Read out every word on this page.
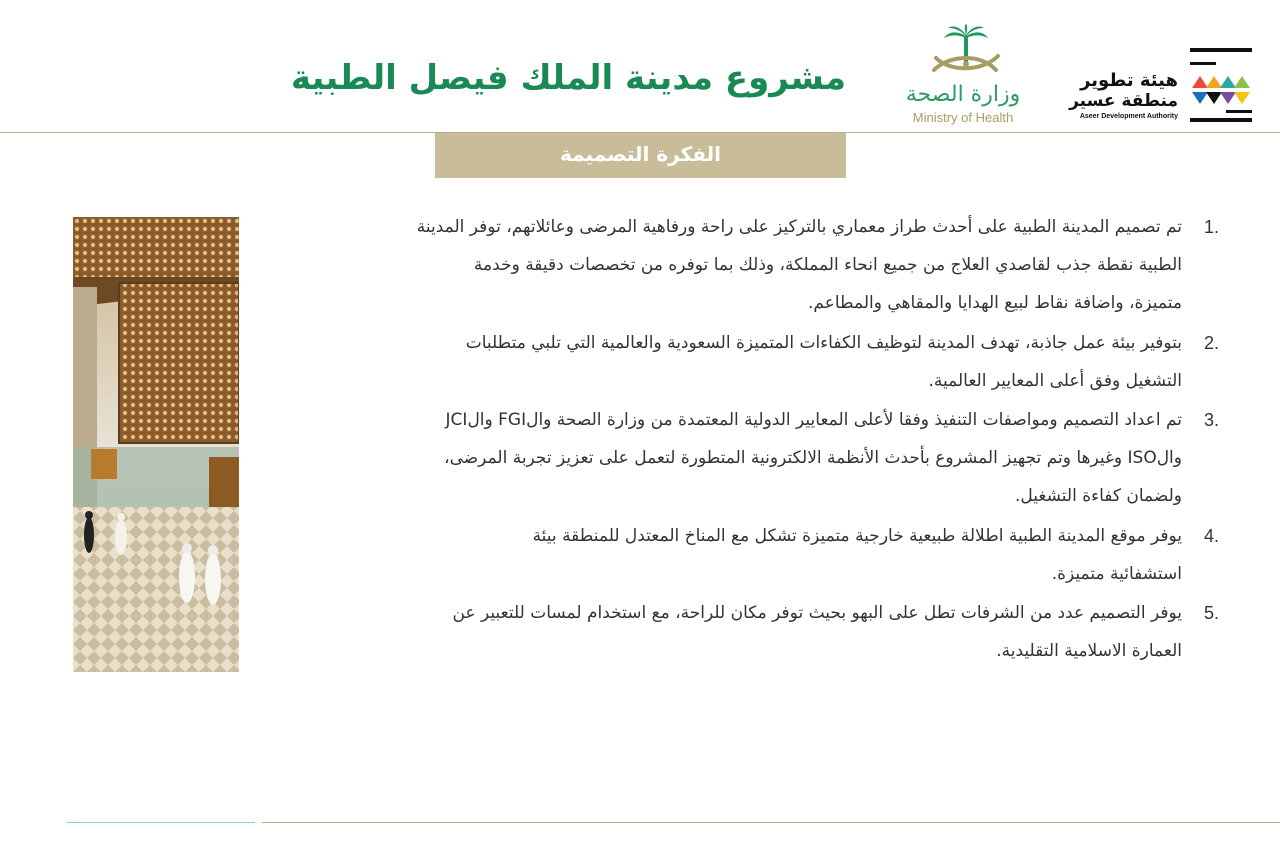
مشروع مدينة الملك فيصل الطبية	وزارة الصحة
Ministry of Health
هيئة تطوير
منطقة عسير
Aseer Development Authority
الفكرة التصميمة
1.
تم تصميم المدينة الطبية على أحدث طراز معماري بالتركيز على راحة ورفاهية المرضى وعائلاتهم، توفر المدينة
الطبية نقطة جذب لقاصدي العلاج من جميع انحاء المملكة، وذلك بما توفره من تخصصات دقيقة وخدمة
متميزة، واضافة نقاط لبيع الهدايا والمقاهي والمطاعم.
2.
بتوفير بيئة عمل جاذبة، تهدف المدينة لتوظيف الكفاءات المتميزة السعودية والعالمية التي تلبي متطلبات
التشغيل وفق أعلى المعايير العالمية.
3.
تم اعداد التصميم ومواصفات التنفيذ وفقا لأعلى المعايير الدولية المعتمدة من وزارة الصحة والFGI والJCI
والISO وغيرها وتم تجهيز المشروع بأحدث الأنظمة الالكترونية المتطورة لتعمل على تعزيز تجربة المرضى،
ولضمان كفاءة التشغيل.
4.
يوفر موقع المدينة الطبية اطلالة طبيعية خارجية متميزة تشكل مع المناخ المعتدل للمنطقة بيئة
استشفائية متميزة.
5.
يوفر التصميم عدد من الشرفات تطل على البهو بحيث توفر مكان للراحة، مع استخدام لمسات للتعبير عن
العمارة الاسلامية التقليدية.
